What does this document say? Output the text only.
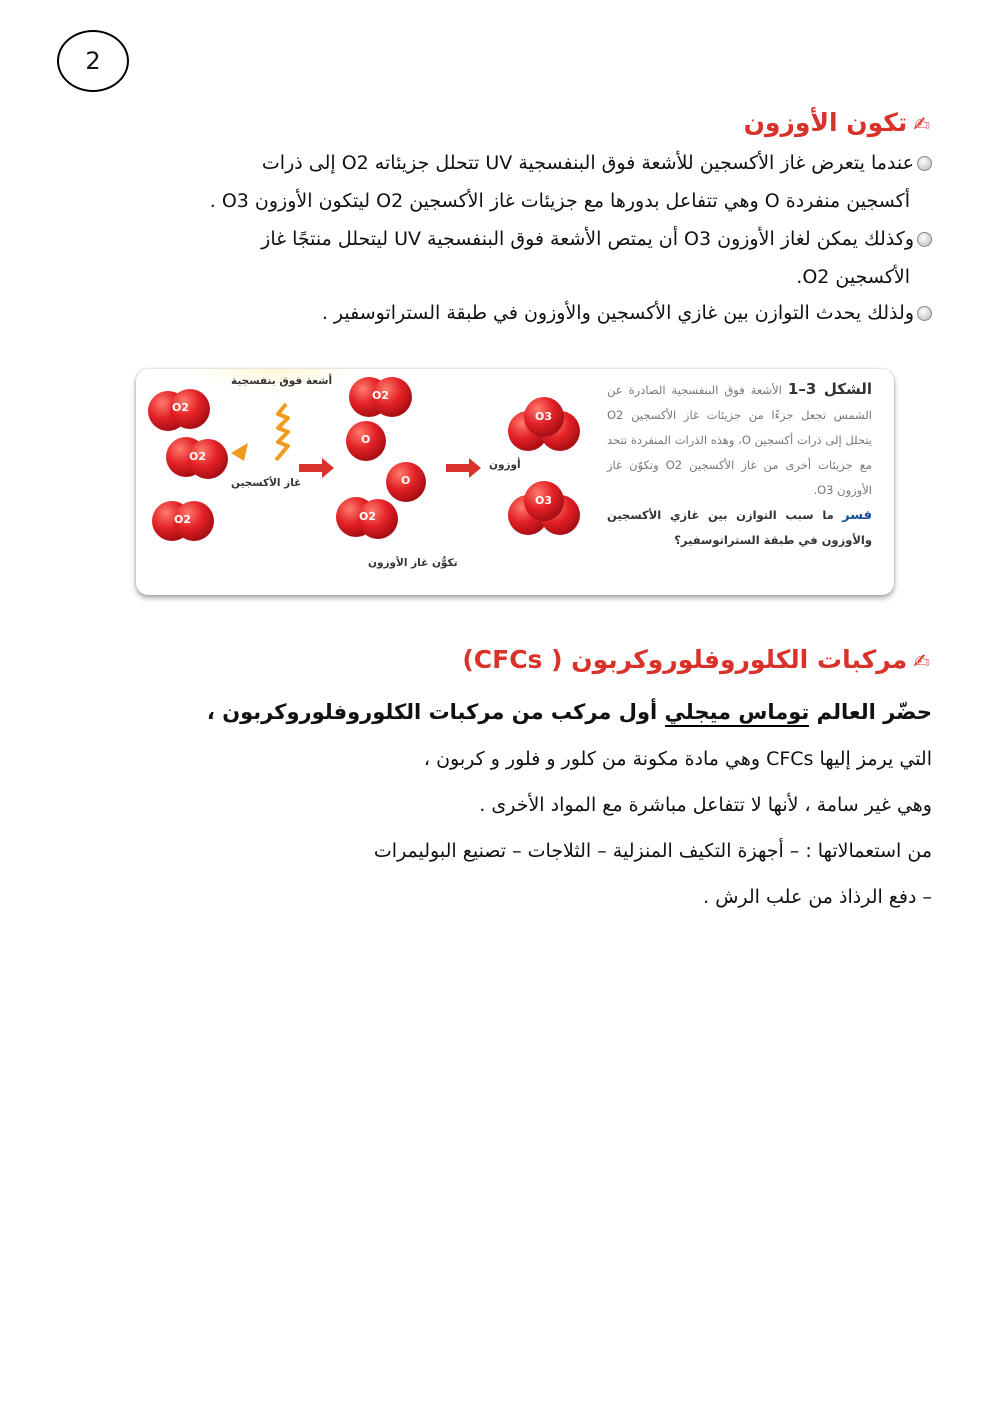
2
✍تكون الأوزون
عندما يتعرض غاز الأكسجين للأشعة فوق البنفسجية UV تتحلل جزيئاته O2 إلى ذرات
أكسجين منفردة O وهي تتفاعل بدورها مع جزيئات غاز الأكسجين O2 ليتكون الأوزون O3 .
وكذلك يمكن لغاز الأوزون O3 أن يمتص الأشعة فوق البنفسجية UV ليتحلل منتجًا غاز
الأكسجين O2.
ولذلك يحدث التوازن بين غازي الأكسجين والأوزون في طبقة الستراتوسفير .
O2
O2
O2
O2
O
O
O2
O3
O3
أشعة فوق بنفسجية
غاز الأكسجين
أوزون
تكوُّن غاز الأوزون
الشكل 3–1 الأشعة فوق البنفسجية الصادرة عن الشمس تجعل جزءًا من جزيئات غاز الأكسجين O2 يتحلل إلى ذرات أكسجين O، وهذه الذرات المنفردة تتحد مع جزيئات أخرى من غاز الأكسجين O2 وتكوّن غاز الأوزون O3.
فسر ما سبب التوازن بين غازي الأكسجين والأوزون في طبقة الستراتوسفير؟
✍مركبات الكلوروفلوروكربون ( CFCs)
حضّر العالم توماس ميجلي أول مركب من مركبات الكلوروفلوروكربون ،
التي يرمز إليها CFCs وهي مادة مكونة من كلور و فلور و كربون ،
وهي غير سامة ، لأنها لا تتفاعل مباشرة مع المواد الأخرى .
من استعمالاتها : – أجهزة التكيف المنزلية – الثلاجات – تصنيع البوليمرات
– دفع الرذاذ من علب الرش .
